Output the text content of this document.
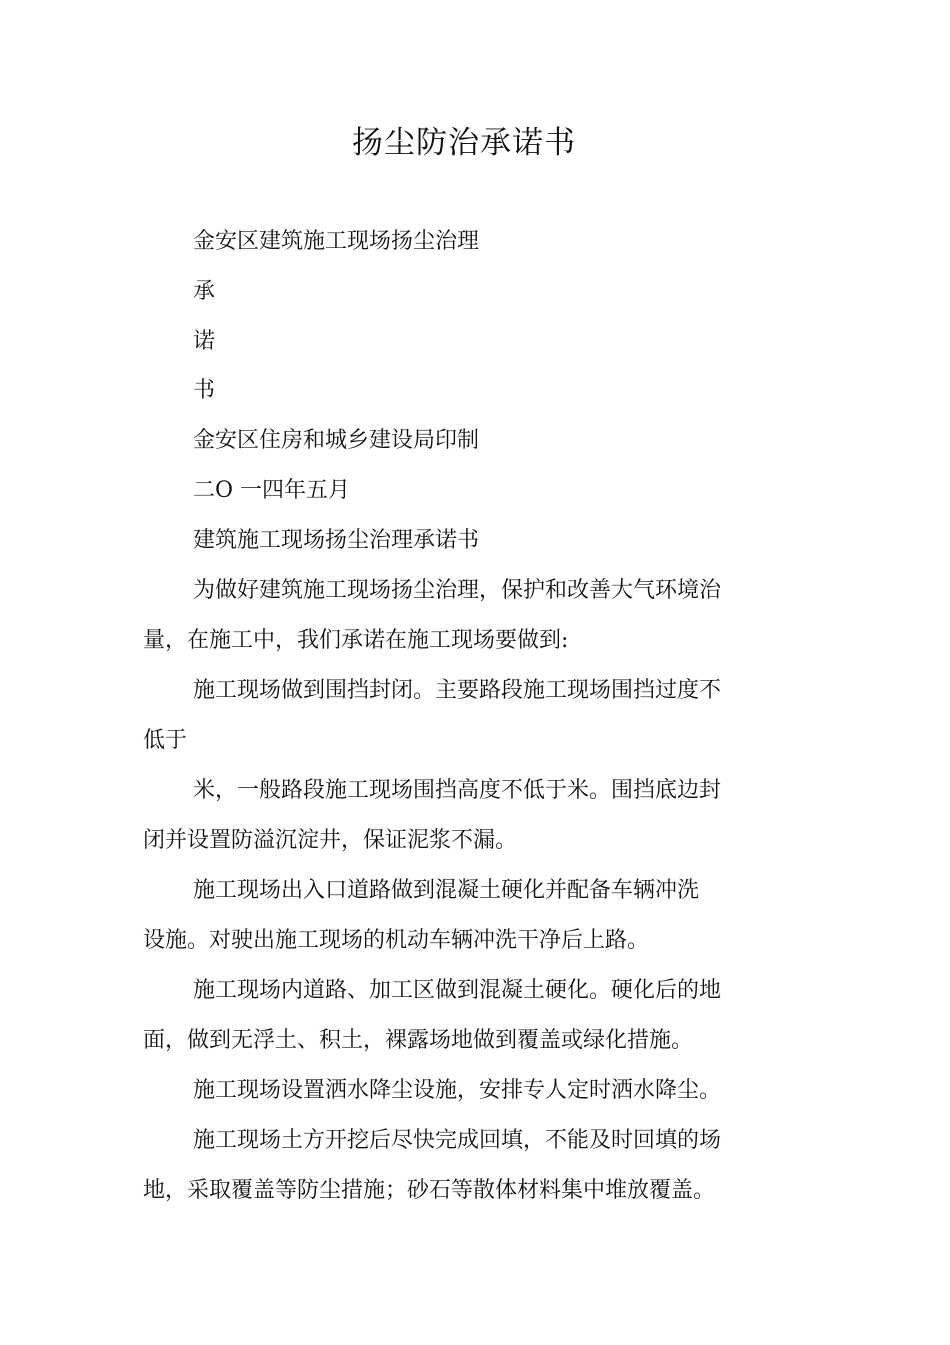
扬尘防治承诺书
金安区建筑施工现场扬尘治理
承
诺
书
金安区住房和城乡建设局印制
二O 一四年五月
建筑施工现场扬尘治理承诺书
为做好建筑施工现场扬尘治理，保护和改善大气环境治
量，在施工中，我们承诺在施工现场要做到:
施工现场做到围挡封闭。主要路段施工现场围挡过度不
低于
米，一般路段施工现场围挡高度不低于米。围挡底边封
闭并设置防溢沉淀井，保证泥浆不漏。
施工现场出入口道路做到混凝土硬化并配备车辆冲洗
设施。对驶出施工现场的机动车辆冲洗干净后上路。
施工现场内道路、加工区做到混凝土硬化。硬化后的地
面，做到无浮土、积土，裸露场地做到覆盖或绿化措施。
施工现场设置洒水降尘设施，安排专人定时洒水降尘。
施工现场土方开挖后尽快完成回填，不能及时回填的场
地，采取覆盖等防尘措施；砂石等散体材料集中堆放覆盖。
